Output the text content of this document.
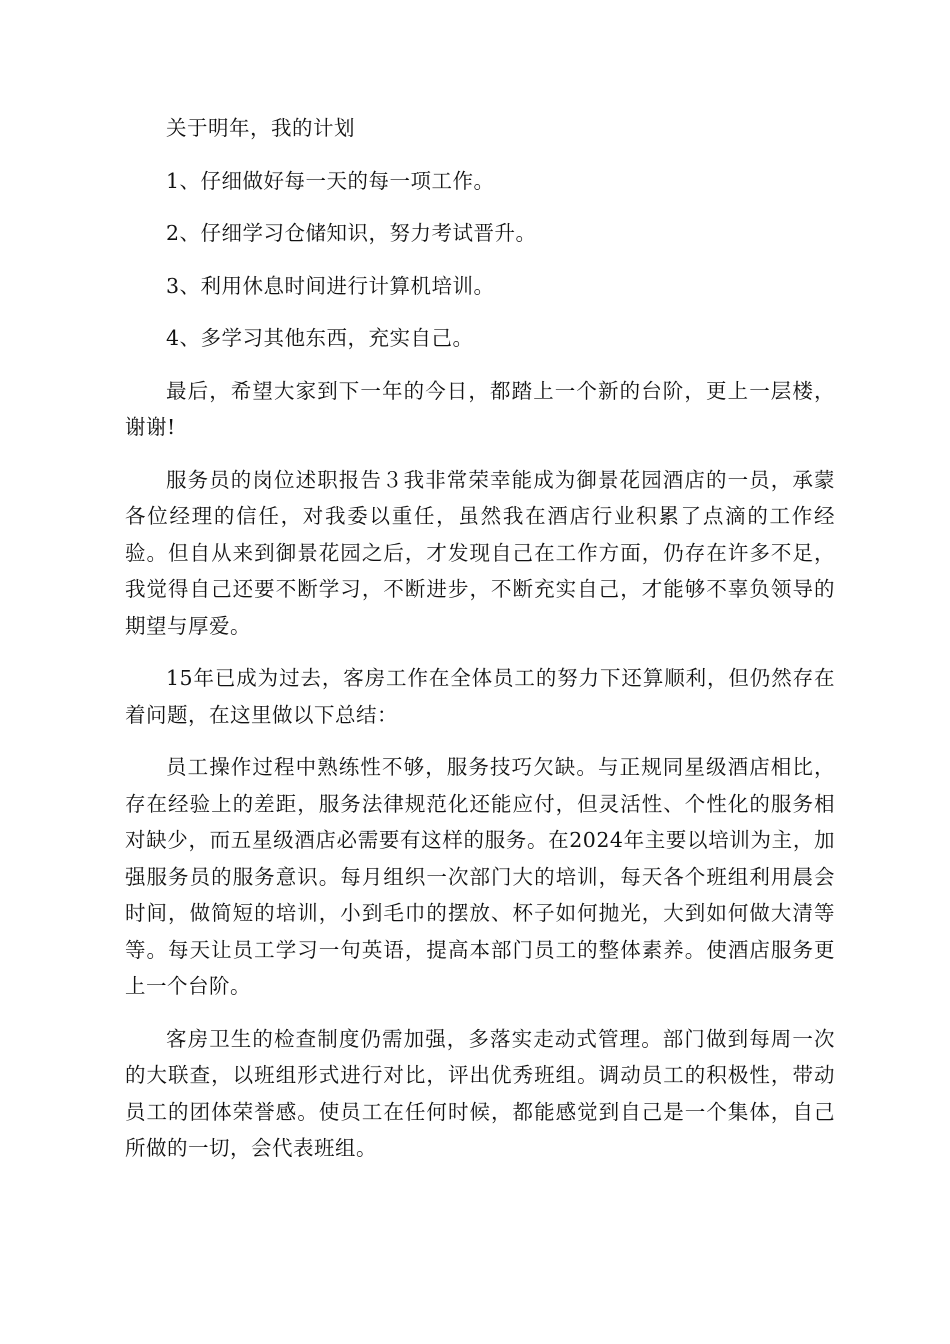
关于明年，我的计划

1、仔细做好每一天的每一项工作。

2、仔细学习仓储知识，努力考试晋升。

3、利用休息时间进行计算机培训。

4、多学习其他东西，充实自己。

最后，希望大家到下一年的今日，都踏上一个新的台阶，更上一层楼，谢谢!

服务员的岗位述职报告３我非常荣幸能成为御景花园酒店的一员，承蒙各位经理的信任，对我委以重任，虽然我在酒店行业积累了点滴的工作经验。但自从来到御景花园之后，才发现自己在工作方面，仍存在许多不足，我觉得自己还要不断学习，不断进步，不断充实自己，才能够不辜负领导的期望与厚爱。

15年已成为过去，客房工作在全体员工的努力下还算顺利，但仍然存在着问题，在这里做以下总结：

员工操作过程中熟练性不够，服务技巧欠缺。与正规同星级酒店相比，存在经验上的差距，服务法律规范化还能应付，但灵活性、个性化的服务相对缺少，而五星级酒店必需要有这样的服务。在2024年主要以培训为主，加强服务员的服务意识。每月组织一次部门大的培训，每天各个班组利用晨会时间，做简短的培训，小到毛巾的摆放、杯子如何抛光，大到如何做大清等等。每天让员工学习一句英语，提高本部门员工的整体素养。使酒店服务更上一个台阶。

客房卫生的检查制度仍需加强，多落实走动式管理。部门做到每周一次的大联查，以班组形式进行对比，评出优秀班组。调动员工的积极性，带动员工的团体荣誉感。使员工在任何时候，都能感觉到自己是一个集体，自己所做的一切，会代表班组。
